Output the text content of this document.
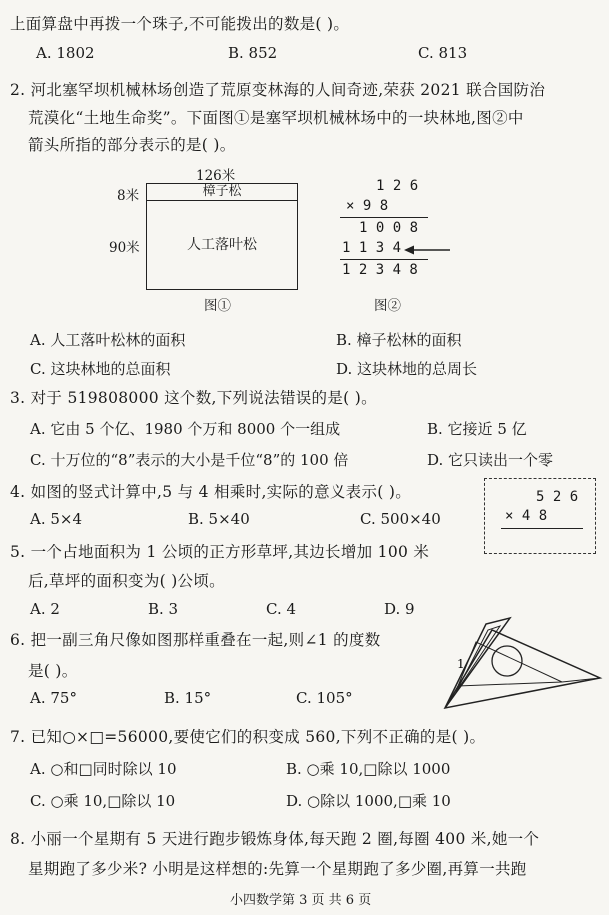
上面算盘中再拨一个珠子,不可能拨出的数是( )。
A. 1802	B. 852	C. 813
2. 河北塞罕坝机械林场创造了荒原变林海的人间奇迹,荣获 2021 联合国防治
荒漠化“土地生命奖”。下面图①是塞罕坝机械林场中的一块林地,图②中
箭头所指的部分表示的是( )。
126米
8米
90米
樟子松
人工落叶松
图①
1 2 6
× 9 8
1 0 0 8
1 1 3 4
1 2 3 4 8
图②
A. 人工落叶松林的面积	B. 樟子松林的面积
C. 这块林地的总面积	D. 这块林地的总周长
3. 对于 519808000 这个数,下列说法错误的是( )。
A. 它由 5 个亿、1980 个万和 8000 个一组成	B. 它接近 5 亿
C. 十万位的“8”表示的大小是千位“8”的 100 倍	D. 它只读出一个零
4. 如图的竖式计算中,5 与 4 相乘时,实际的意义表示( )。
A. 5×4	B. 5×40	C. 500×40
5 2 6
× 4 8
5. 一个占地面积为 1 公顷的正方形草坪,其边长增加 100 米
后,草坪的面积变为( )公顷。
A. 2	B. 3	C. 4	D. 9
6. 把一副三角尺像如图那样重叠在一起,则∠1 的度数
是( )。
A. 75°	B. 15°	C. 105°
1
7. 已知○×□=56000,要使它们的积变成 560,下列不正确的是( )。
A. ○和□同时除以 10	B. ○乘 10,□除以 1000
C. ○乘 10,□除以 10	D. ○除以 1000,□乘 10
8. 小丽一个星期有 5 天进行跑步锻炼身体,每天跑 2 圈,每圈 400 米,她一个
星期跑了多少米? 小明是这样想的:先算一个星期跑了多少圈,再算一共跑
小四数学第 3 页 共 6 页
